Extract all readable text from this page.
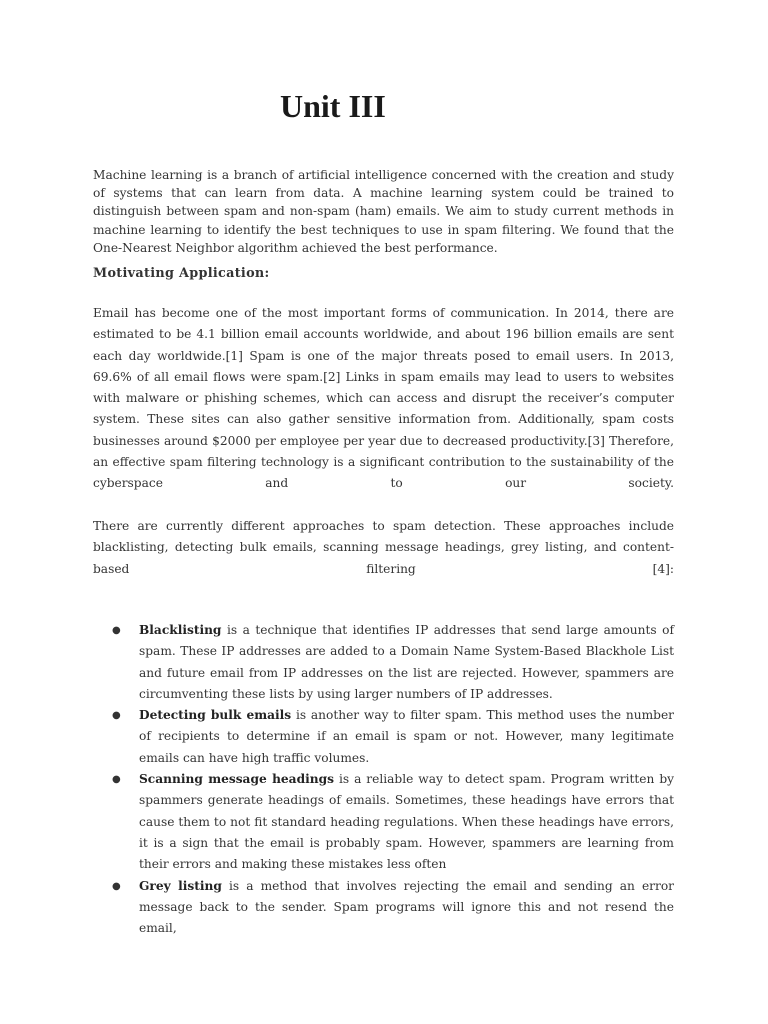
Unit III

Machine learning is a branch of artificial intelligence concerned with the creation and study of systems that can learn from data. A machine learning system could be trained to distinguish between spam and non-spam (ham) emails. We aim to study current methods in machine learning to identify the best techniques to use in spam filtering. We found that the One-Nearest Neighbor algorithm achieved the best performance.

Motivating Application:

Email has become one of the most important forms of communication. In 2014, there are estimated to be 4.1 billion email accounts worldwide, and about 196 billion emails are sent each day worldwide.[1] Spam is one of the major threats posed to email users. In 2013, 69.6% of all email flows were spam.[2] Links in spam emails may lead to users to websites with malware or phishing schemes, which can access and disrupt the receiver’s computer system. These sites can also gather sensitive information from. Additionally, spam costs businesses around $2000 per employee per year due to decreased productivity.[3] Therefore, an effective spam filtering technology is a significant contribution to the sustainability of the cyberspace and to our society.

There are currently different approaches to spam detection. These approaches include blacklisting, detecting bulk emails, scanning message headings, grey listing, and content-based filtering [4]:

● Blacklisting is a technique that identifies IP addresses that send large amounts of spam. These IP addresses are added to a Domain Name System-Based Blackhole List and future email from IP addresses on the list are rejected. However, spammers are circumventing these lists by using larger numbers of IP addresses.
● Detecting bulk emails is another way to filter spam. This method uses the number of recipients to determine if an email is spam or not. However, many legitimate emails can have high traffic volumes.
● Scanning message headings is a reliable way to detect spam. Program written by spammers generate headings of emails. Sometimes, these headings have errors that cause them to not fit standard heading regulations. When these headings have errors, it is a sign that the email is probably spam. However, spammers are learning from their errors and making these mistakes less often
● Grey listing is a method that involves rejecting the email and sending an error message back to the sender. Spam programs will ignore this and not resend the email,
